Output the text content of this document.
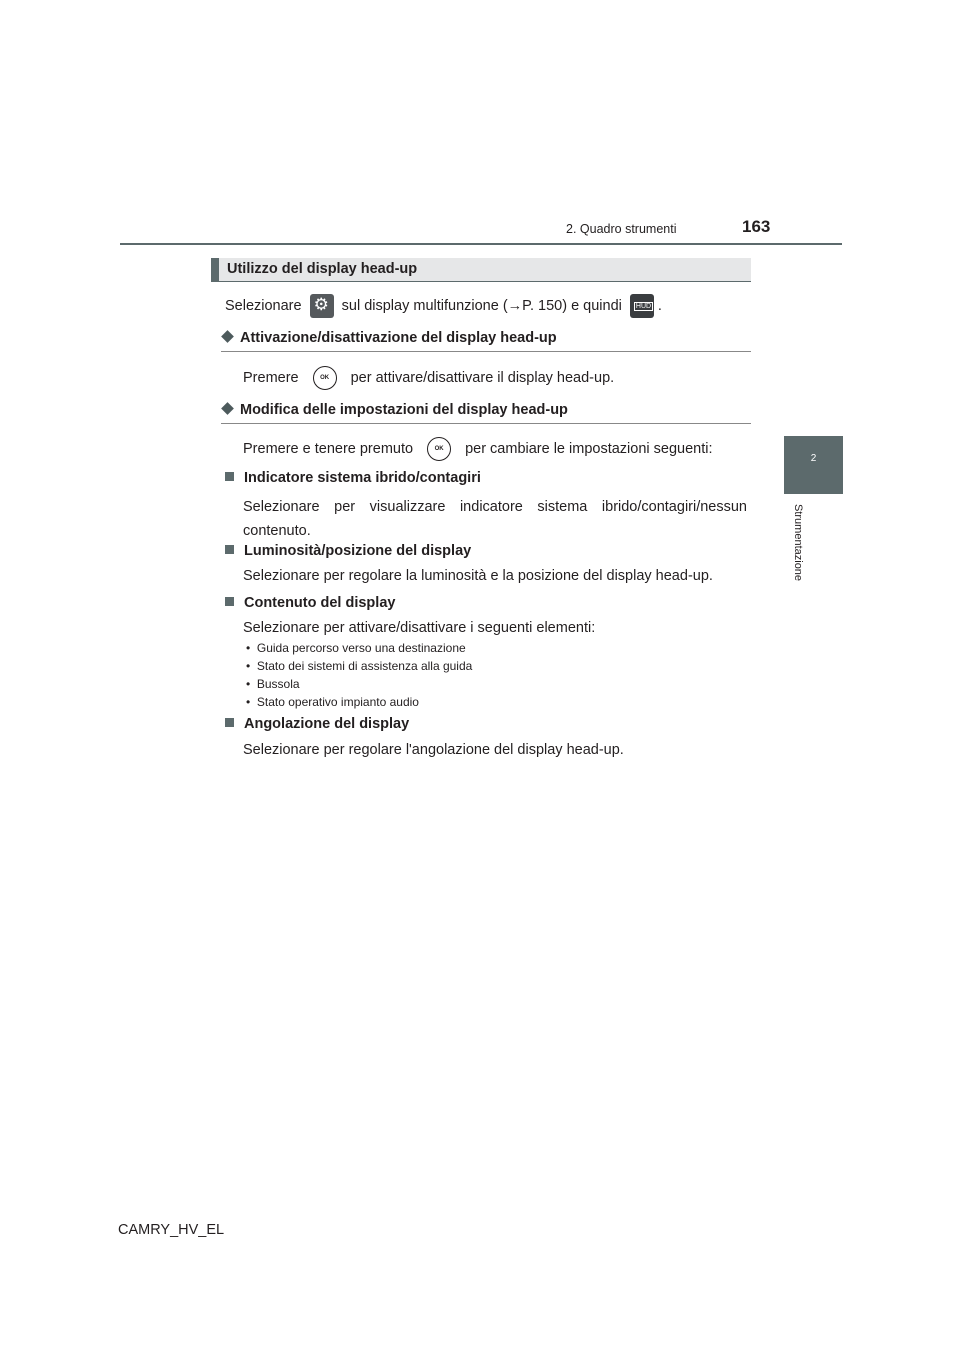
2. Quadro strumenti	163
2
Strumentazione
Utilizzo del display head-up
Selezionare ⚙	sul display multifunzione (→P. 150) e quindi HUD .
Attivazione/disattivazione del display head-up
Premere	OK per attivare/disattivare il display head-up.
Modifica delle impostazioni del display head-up
Premere e tenere premuto	OK per cambiare le impostazioni seguenti:
Indicatore sistema ibrido/contagiri
Selezionare per visualizzare indicatore sistema ibrido/contagiri/nessun contenuto.
Luminosità/posizione del display
Selezionare per regolare la luminosità e la posizione del display head-up.
Contenuto del display
Selezionare per attivare/disattivare i seguenti elementi:
•  Guida percorso verso una destinazione
•  Stato dei sistemi di assistenza alla guida
•  Bussola
•  Stato operativo impianto audio
Angolazione del display
Selezionare per regolare l'angolazione del display head-up.
CAMRY_HV_EL
